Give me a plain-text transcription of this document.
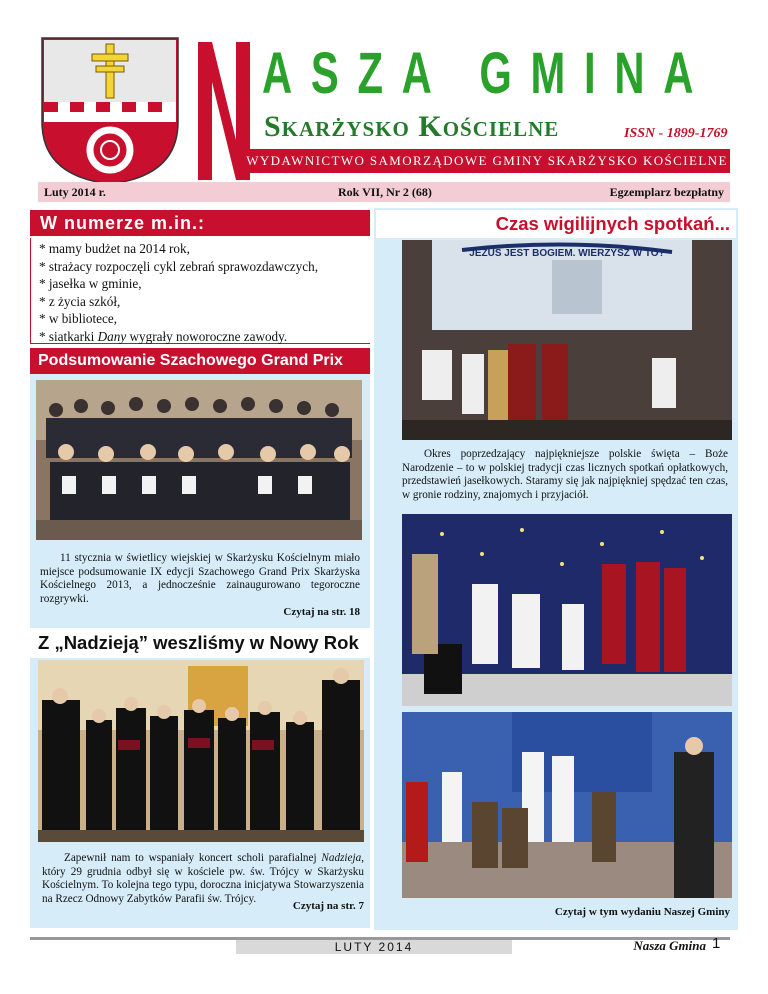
ASZA GMINA
Skarżysko Kościelne	ISSN - 1899-1769
WYDAWNICTWO SAMORZĄDOWE GMINY SKARŻYSKO KOŚCIELNE
Luty 2014 r.	Rok VII, Nr 2 (68)	Egzemplarz bezpłatny
W numerze m.in.:
* mamy budżet na 2014 rok,
* strażacy rozpoczęli cykl zebrań sprawozdawczych,
* jasełka w gminie,
* z życia szkół,
* w bibliotece,
* siatkarki Dany wygrały noworoczne zawody.
Podsumowanie Szachowego Grand Prix
11 stycznia w świetlicy wiejskiej w Skarżysku Kościelnym miało miejsce podsumowanie IX edycji Szachowego Grand Prix Skarżyska Kościelnego 2013, a jednocześnie zainaugurowano tegoroczne rozgrywki.
Czytaj na str. 18
Z „Nadzieją” weszliśmy w Nowy Rok
Zapewnił nam to wspaniały koncert scholi parafialnej Nadzieja, który 29 grudnia odbył się w kościele pw. św. Trójcy w Skarżysku Kościelnym. To kolejna tego typu, doroczna inicjatywa Stowarzyszenia na Rzecz Odnowy Zabytków Parafii św. Trójcy.
Czytaj na str. 7
Czas wigilijnych spotkań...
JEZUS JEST BOGIEM. WIERZYSZ W TO?
Okres poprzedzający najpiękniejsze polskie święta – Boże Narodzenie – to w polskiej tradycji czas licznych spotkań opłatkowych, przedstawień jasełkowych. Staramy się jak najpiękniej spędzać ten czas, w gronie rodziny, znajomych i przyjaciół.
Czytaj w tym wydaniu Naszej Gminy
LUTY 2014	Nasza Gmina 1
